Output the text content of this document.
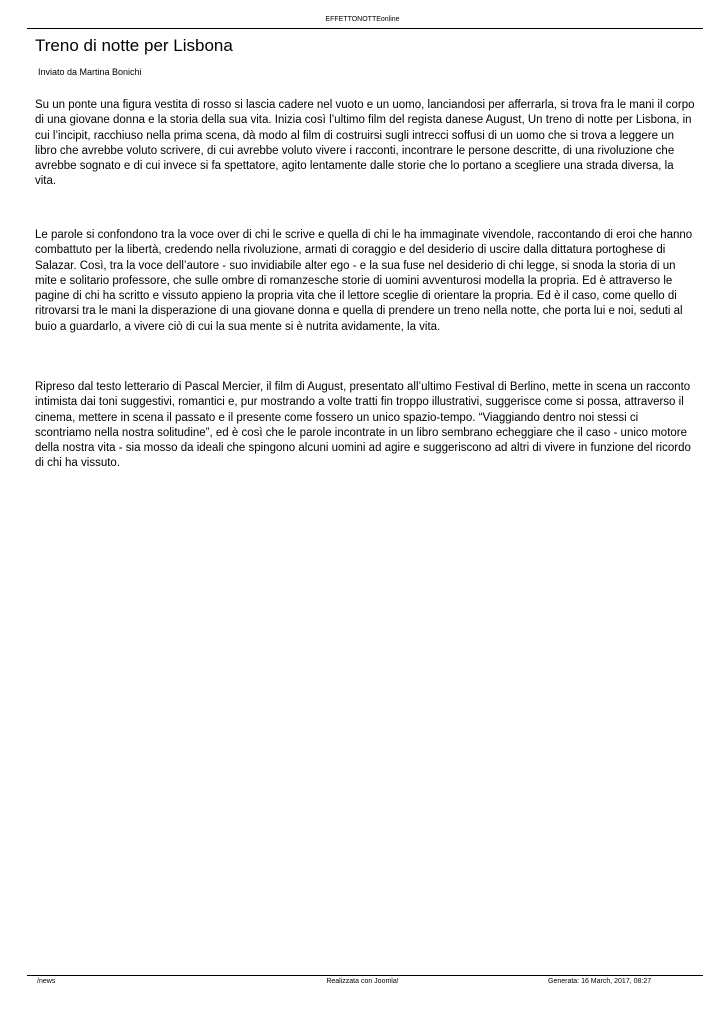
EFFETTONOTTEonline
Treno di notte per Lisbona

Inviato da Martina Bonichi

Su un ponte una figura vestita di rosso si lascia cadere nel vuoto e un uomo, lanciandosi per afferrarla, si trova fra le mani il corpo di una giovane donna e la storia della sua vita. Inizia così l’ultimo film del regista danese August, Un treno di notte per Lisbona, in cui l’incipit, racchiuso nella prima scena, dà modo al film di costruirsi sugli intrecci soffusi di un uomo che si trova a leggere un libro che avrebbe voluto scrivere, di cui avrebbe voluto vivere i racconti, incontrare le persone descritte, di una rivoluzione che avrebbe sognato e di cui invece si fa spettatore, agito lentamente dalle storie che lo portano a scegliere una strada diversa, la vita.

Le parole si confondono tra la voce over di chi le scrive e quella di chi le ha immaginate vivendole, raccontando di eroi che hanno combattuto per la libertà, credendo nella rivoluzione, armati di coraggio e del desiderio di uscire dalla dittatura portoghese di Salazar. Così, tra la voce dell’autore - suo invidiabile alter ego - e la sua fuse nel desiderio di chi legge, si snoda la storia di un mite e solitario professore, che sulle ombre di romanzesche storie di uomini avventurosi modella la propria. Ed è attraverso le pagine di chi ha scritto e vissuto appieno la propria vita che il lettore sceglie di orientare la propria. Ed è il caso, come quello di ritrovarsi tra le mani la disperazione di una giovane donna e quella di prendere un treno nella notte, che porta lui e noi, seduti al buio a guardarlo, a vivere ciò di cui la sua mente si è nutrita avidamente, la vita.

Ripreso dal testo letterario di Pascal Mercier, il film di August, presentato all’ultimo Festival di Berlino, mette in scena un racconto intimista dai toni suggestivi, romantici e, pur mostrando a volte tratti fin troppo illustrativi, suggerisce come si possa, attraverso il cinema, mettere in scena il passato e il presente come fossero un unico spazio-tempo. “Viaggiando dentro noi stessi ci scontriamo nella nostra solitudine”, ed è così che le parole incontrate in un libro sembrano echeggiare che il caso - unico motore della nostra vita - sia mosso da ideali che spingono alcuni uomini ad agire e suggeriscono ad altri di vivere in funzione del ricordo di chi ha vissuto.

/news	Realizzata con Joomla!	Generata: 16 March, 2017, 08:27
